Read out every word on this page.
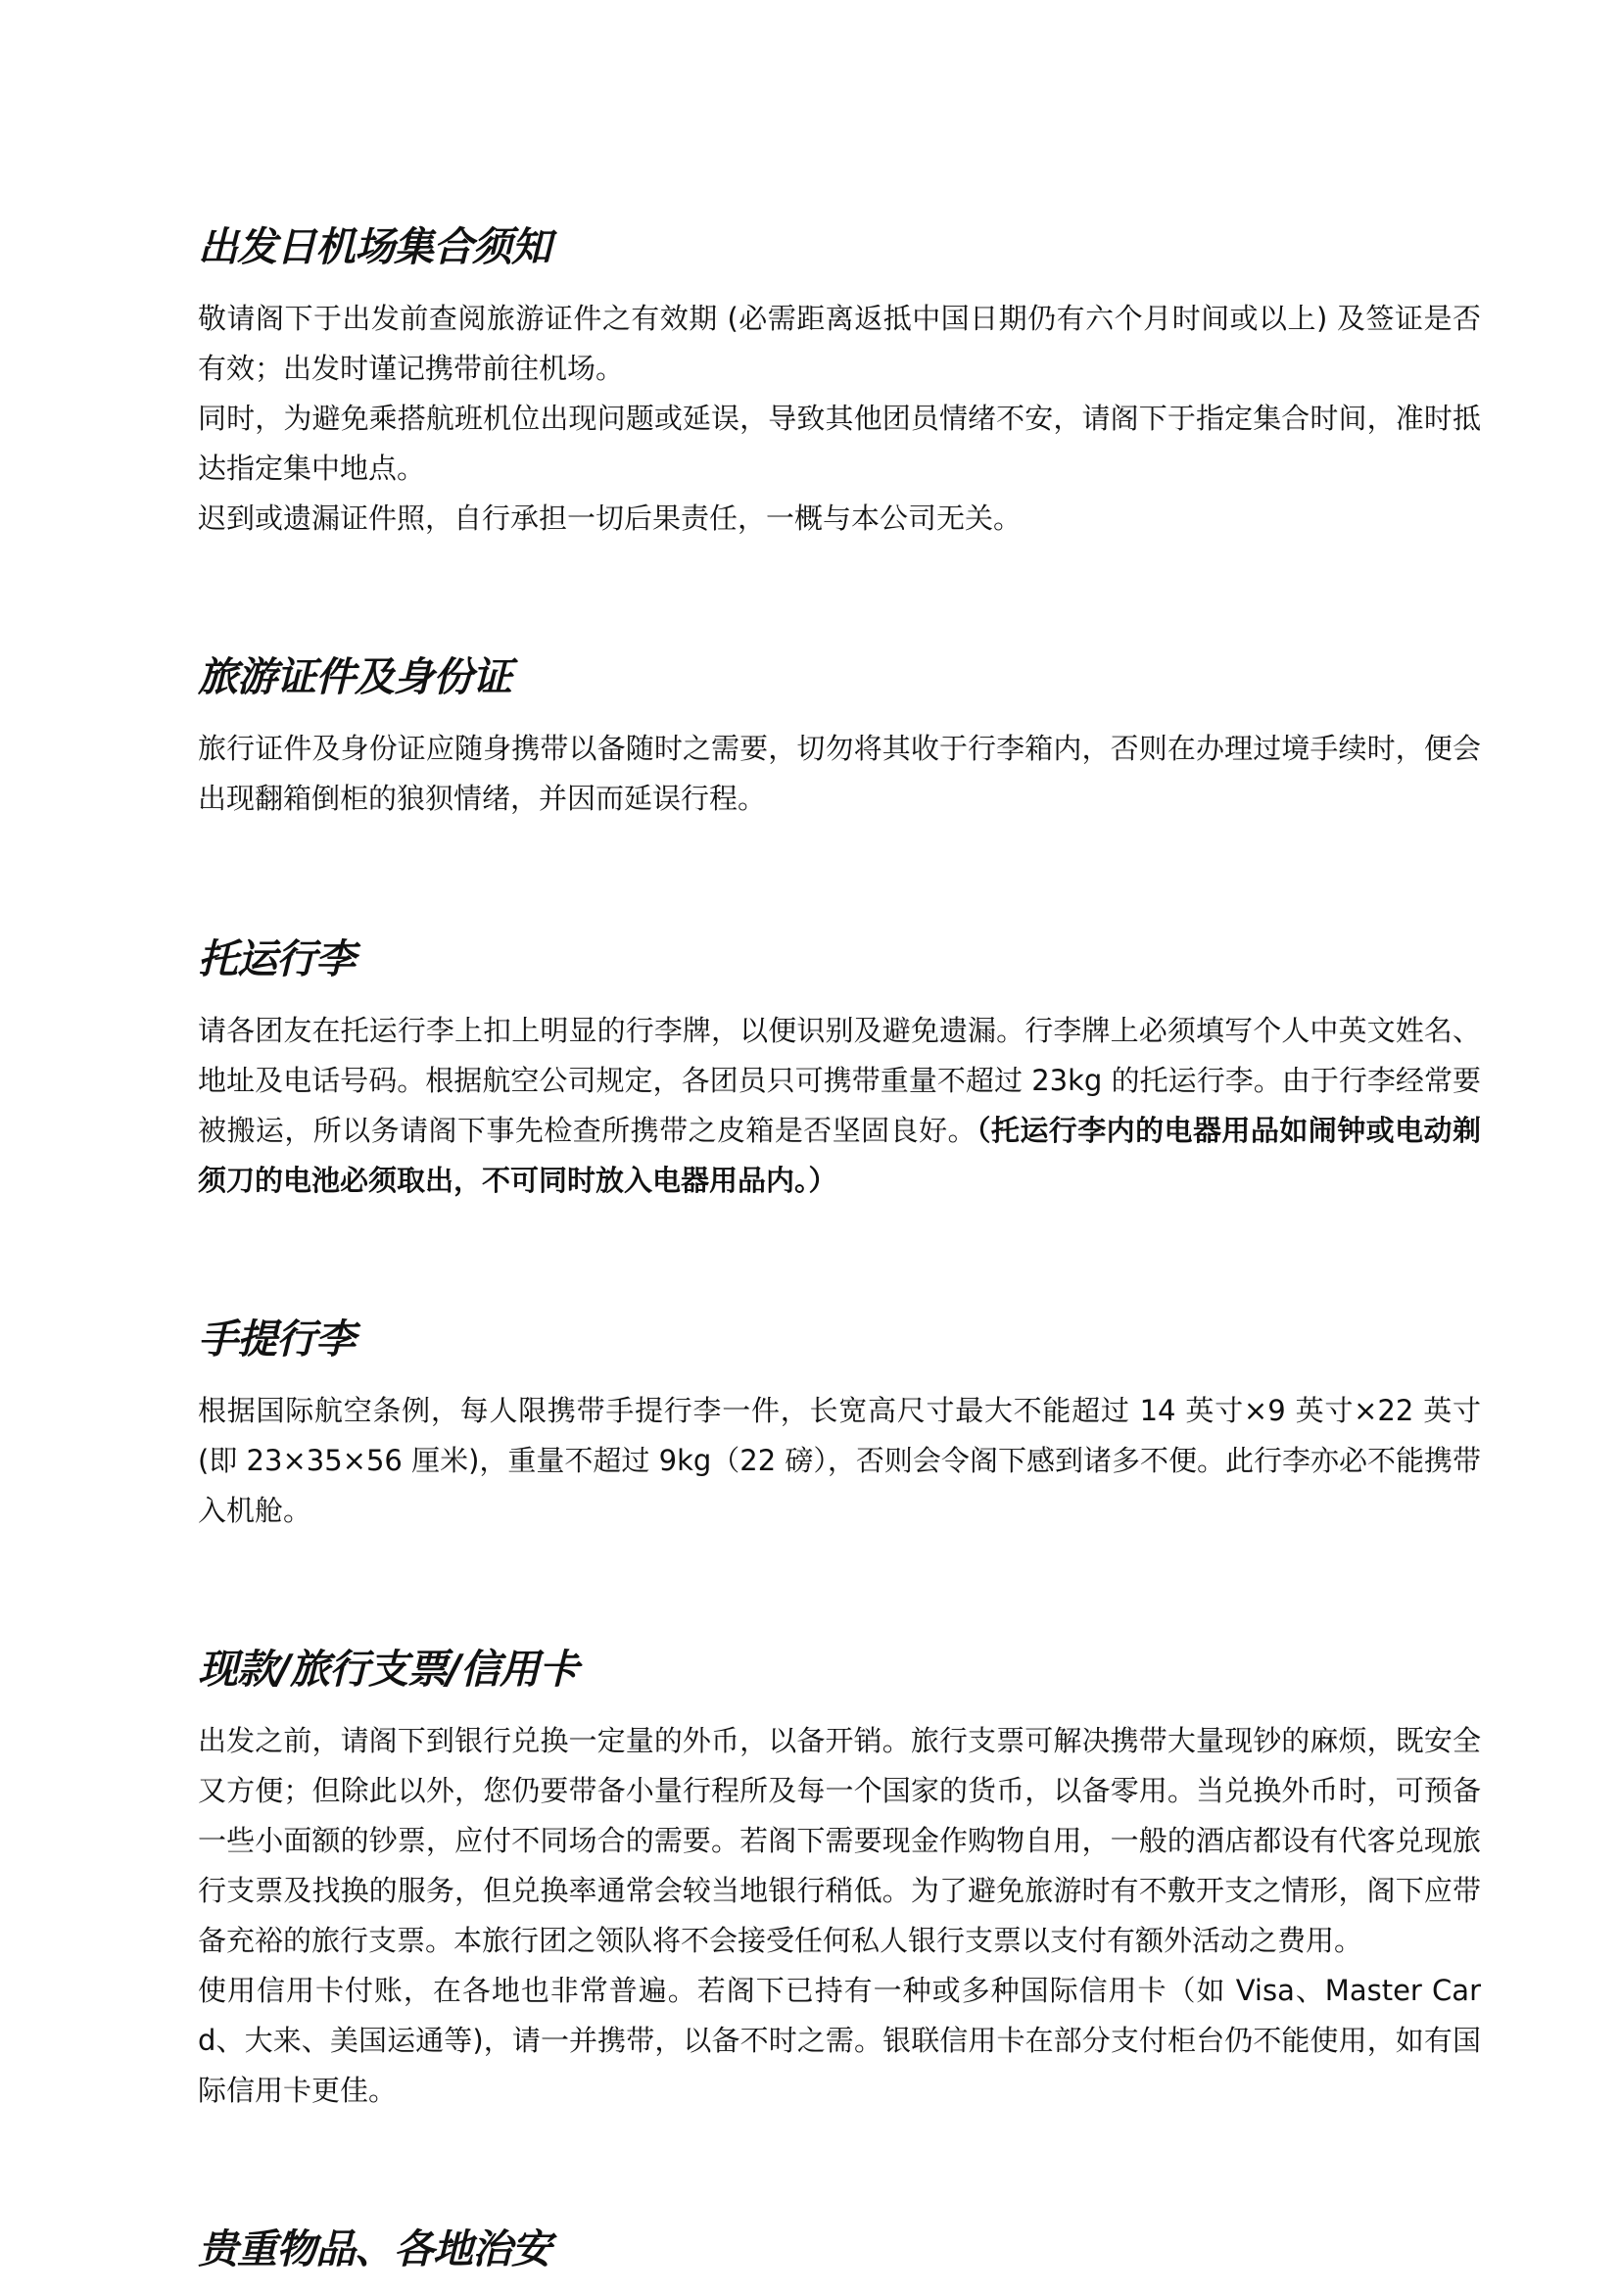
出发日机场集合须知

敬请阁下于出发前查阅旅游证件之有效期 (必需距离返抵中国日期仍有六个月时间或以上) 及签证是否有效；出发时谨记携带前往机场。

同时，为避免乘搭航班机位出现问题或延误，导致其他团员情绪不安，请阁下于指定集合时间，准时抵达指定集中地点。

迟到或遗漏证件照，自行承担一切后果责任，一概与本公司无关。

旅游证件及身份证

旅行证件及身份证应随身携带以备随时之需要，切勿将其收于行李箱内，否则在办理过境手续时，便会出现翻箱倒柜的狼狈情绪，并因而延误行程。

托运行李

请各团友在托运行李上扣上明显的行李牌，以便识别及避免遗漏。行李牌上必须填写个人中英文姓名、地址及电话号码。根据航空公司规定，各团员只可携带重量不超过 23kg 的托运行李。由于行李经常要被搬运，所以务请阁下事先检查所携带之皮箱是否坚固良好。（托运行李内的电器用品如闹钟或电动剃须刀的电池必须取出，不可同时放入电器用品内。）

手提行李

根据国际航空条例，每人限携带手提行李一件，长宽高尺寸最大不能超过 14 英寸×9 英寸×22 英寸 (即 23×35×56 厘米)，重量不超过 9kg（22 磅），否则会令阁下感到诸多不便。此行李亦必不能携带入机舱。

现款/旅行支票/信用卡

出发之前，请阁下到银行兑换一定量的外币，以备开销。旅行支票可解决携带大量现钞的麻烦，既安全又方便；但除此以外，您仍要带备小量行程所及每一个国家的货币，以备零用。当兑换外币时，可预备一些小面额的钞票，应付不同场合的需要。若阁下需要现金作购物自用，一般的酒店都设有代客兑现旅行支票及找换的服务，但兑换率通常会较当地银行稍低。为了避免旅游时有不敷开支之情形，阁下应带备充裕的旅行支票。本旅行团之领队将不会接受任何私人银行支票以支付有额外活动之费用。

使用信用卡付账，在各地也非常普遍。若阁下已持有一种或多种国际信用卡（如 Visa、Master Card、大来、美国运通等)，请一并携带，以备不时之需。银联信用卡在部分支付柜台仍不能使用，如有国际信用卡更佳。

贵重物品、各地治安
